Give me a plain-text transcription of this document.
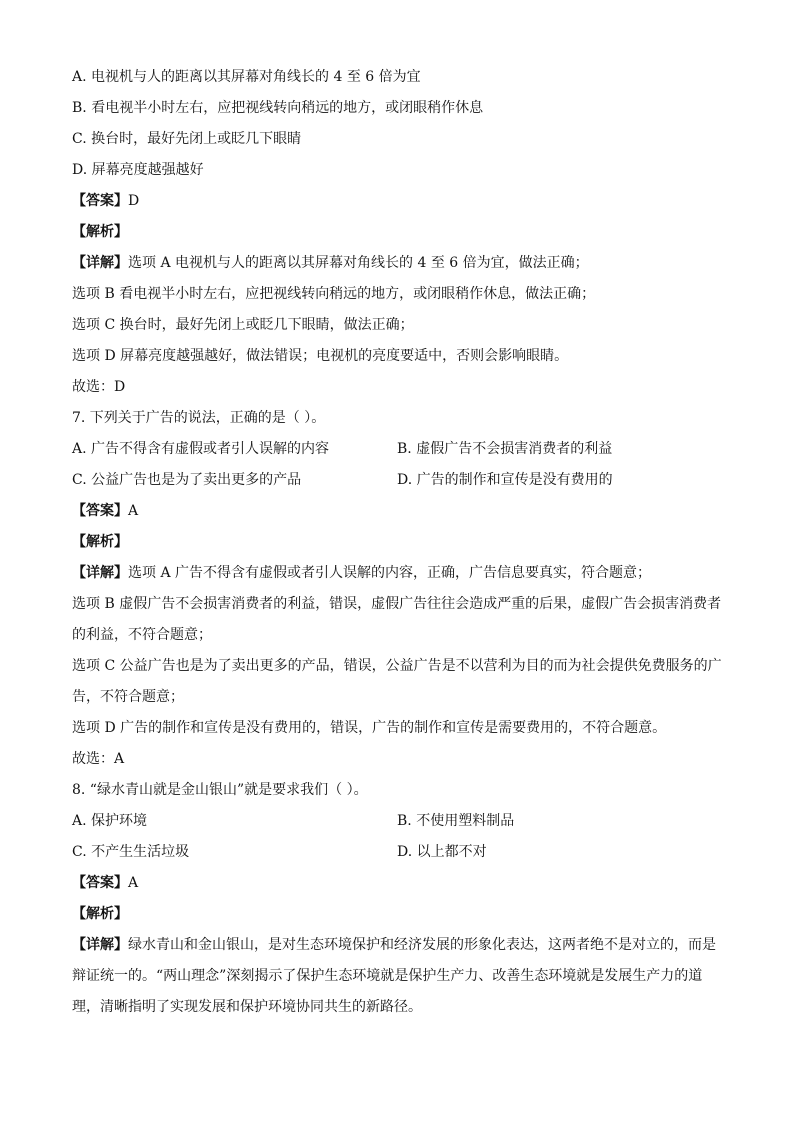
A. 电视机与人的距离以其屏幕对角线长的 4 至 6 倍为宜
B. 看电视半小时左右，应把视线转向稍远的地方，或闭眼稍作休息
C. 换台时，最好先闭上或眨几下眼睛
D. 屏幕亮度越强越好
【答案】D
【解析】
【详解】选项 A 电视机与人的距离以其屏幕对角线长的 4 至 6 倍为宜，做法正确；
选项 B 看电视半小时左右，应把视线转向稍远的地方，或闭眼稍作休息，做法正确；
选项 C 换台时，最好先闭上或眨几下眼睛，做法正确；
选项 D 屏幕亮度越强越好，做法错误；电视机的亮度要适中，否则会影响眼睛。
故选：D
7. 下列关于广告的说法，正确的是（ ）。
A. 广告不得含有虚假或者引人误解的内容	B. 虚假广告不会损害消费者的利益
C. 公益广告也是为了卖出更多的产品	D. 广告的制作和宣传是没有费用的
【答案】A
【解析】
【详解】选项 A 广告不得含有虚假或者引人误解的内容，正确，广告信息要真实，符合题意；
选项 B 虚假广告不会损害消费者的利益，错误，虚假广告往往会造成严重的后果，虚假广告会损害消费者
的利益，不符合题意；
选项 C 公益广告也是为了卖出更多的产品，错误，公益广告是不以营利为目的而为社会提供免费服务的广
告，不符合题意；
选项 D 广告的制作和宣传是没有费用的，错误，广告的制作和宣传是需要费用的，不符合题意。
故选：A
8. “绿水青山就是金山银山”就是要求我们（ ）。
A. 保护环境	B. 不使用塑料制品
C. 不产生生活垃圾	D. 以上都不对
【答案】A
【解析】
【详解】绿水青山和金山银山，是对生态环境保护和经济发展的形象化表达，这两者绝不是对立的，而是
辩证统一的。“两山理念”深刻揭示了保护生态环境就是保护生产力、改善生态环境就是发展生产力的道
理，清晰指明了实现发展和保护环境协同共生的新路径。
